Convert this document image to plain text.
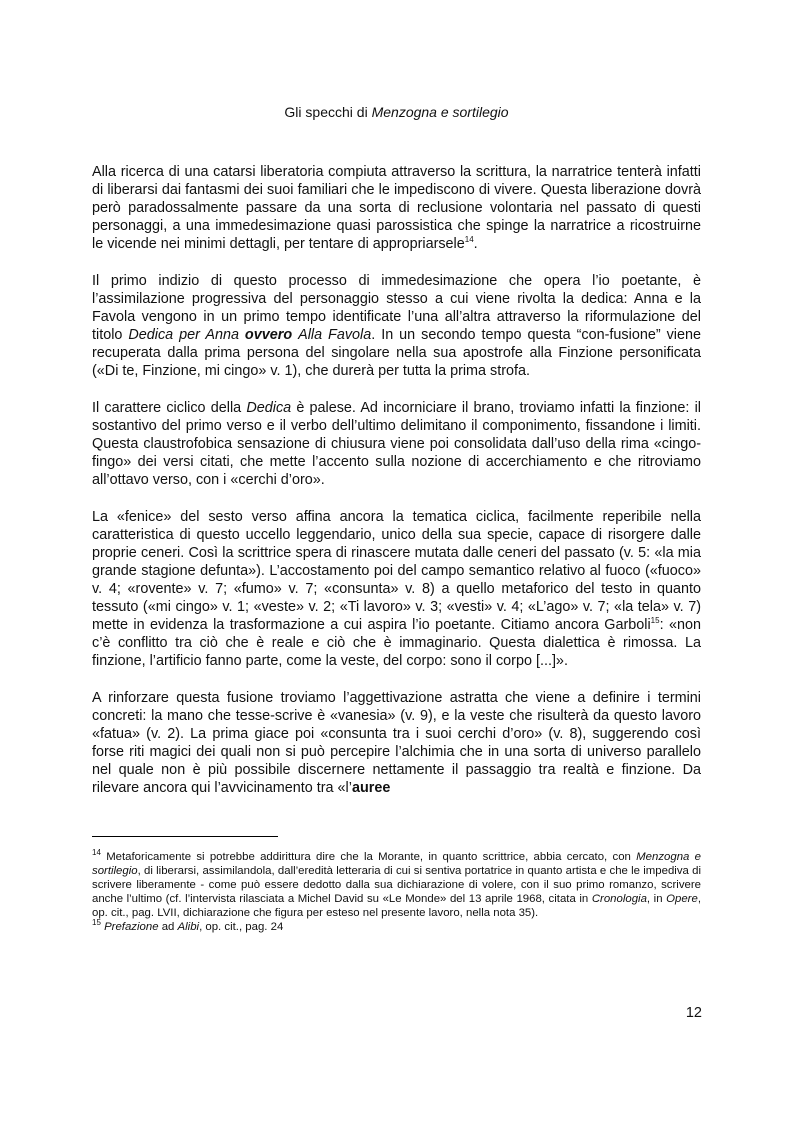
Gli specchi di Menzogna e sortilegio

Alla ricerca di una catarsi liberatoria compiuta attraverso la scrittura, la narratrice tenterà infatti di liberarsi dai fantasmi dei suoi familiari che le impediscono di vivere. Questa liberazione dovrà però paradossalmente passare da una sorta di reclusione volontaria nel passato di questi personaggi, a una immedesimazione quasi parossistica che spinge la narratrice a ricostruirne le vicende nei minimi dettagli, per tentare di appropriarsele$^{14}$.

Il primo indizio di questo processo di immedesimazione che opera l’io poetante, è l’assimilazione progressiva del personaggio stesso a cui viene rivolta la dedica: Anna e la Favola vengono in un primo tempo identificate l’una all’altra attraverso la riformulazione del titolo Dedica per Anna ovvero Alla Favola. In un secondo tempo questa “con-fusione” viene recuperata dalla prima persona del singolare nella sua apostrofe alla Finzione personificata («Di te, Finzione, mi cingo» v. 1), che durerà per tutta la prima strofa.

Il carattere ciclico della Dedica è palese. Ad incorniciare il brano, troviamo infatti la finzione: il sostantivo del primo verso e il verbo dell’ultimo delimitano il componimento, fissandone i limiti. Questa claustrofobica sensazione di chiusura viene poi consolidata dall’uso della rima «cingo-fingo» dei versi citati, che mette l’accento sulla nozione di accerchiamento e che ritroviamo all’ottavo verso, con i «cerchi d’oro».

La «fenice» del sesto verso affina ancora la tematica ciclica, facilmente reperibile nella caratteristica di questo uccello leggendario, unico della sua specie, capace di risorgere dalle proprie ceneri. Così la scrittrice spera di rinascere mutata dalle ceneri del passato (v. 5: «la mia grande stagione defunta»). L’accostamento poi del campo semantico relativo al fuoco («fuoco» v. 4; «rovente» v. 7; «fumo» v. 7; «consunta» v. 8) a quello metaforico del testo in quanto tessuto («mi cingo» v. 1; «veste» v. 2; «Ti lavoro» v. 3; «vesti» v. 4; «L’ago» v. 7; «la tela» v. 7) mette in evidenza la trasformazione a cui aspira l’io poetante. Citiamo ancora Garboli$^{15}$: «non c’è conflitto tra ciò che è reale e ciò che è immaginario. Questa dialettica è rimossa. La finzione, l’artificio fanno parte, come la veste, del corpo: sono il corpo [...]».

A rinforzare questa fusione troviamo l’aggettivazione astratta che viene a definire i termini concreti: la mano che tesse-scrive è «vanesia» (v. 9), e la veste che risulterà da questo lavoro «fatua» (v. 2). La prima giace poi «consunta tra i suoi cerchi d’oro» (v. 8), suggerendo così forse riti magici dei quali non si può percepire l’alchimia che in una sorta di universo parallelo nel quale non è più possibile discernere nettamente il passaggio tra realtà e finzione. Da rilevare ancora qui l’avvicinamento tra «l’auree

$^{14}$ Metaforicamente si potrebbe addirittura dire che la Morante, in quanto scrittrice, abbia cercato, con Menzogna e sortilegio, di liberarsi, assimilandola, dall’eredità letteraria di cui si sentiva portatrice in quanto artista e che le impediva di scrivere liberamente - come può essere dedotto dalla sua dichiarazione di volere, con il suo primo romanzo, scrivere anche l’ultimo (cf. l’intervista rilasciata a Michel David su «Le Monde» del 13 aprile 1968, citata in Cronologia, in Opere, op. cit., pag. LVII, dichiarazione che figura per esteso nel presente lavoro, nella nota 35).

$^{15}$ Prefazione ad Alibi, op. cit., pag. 24

12
